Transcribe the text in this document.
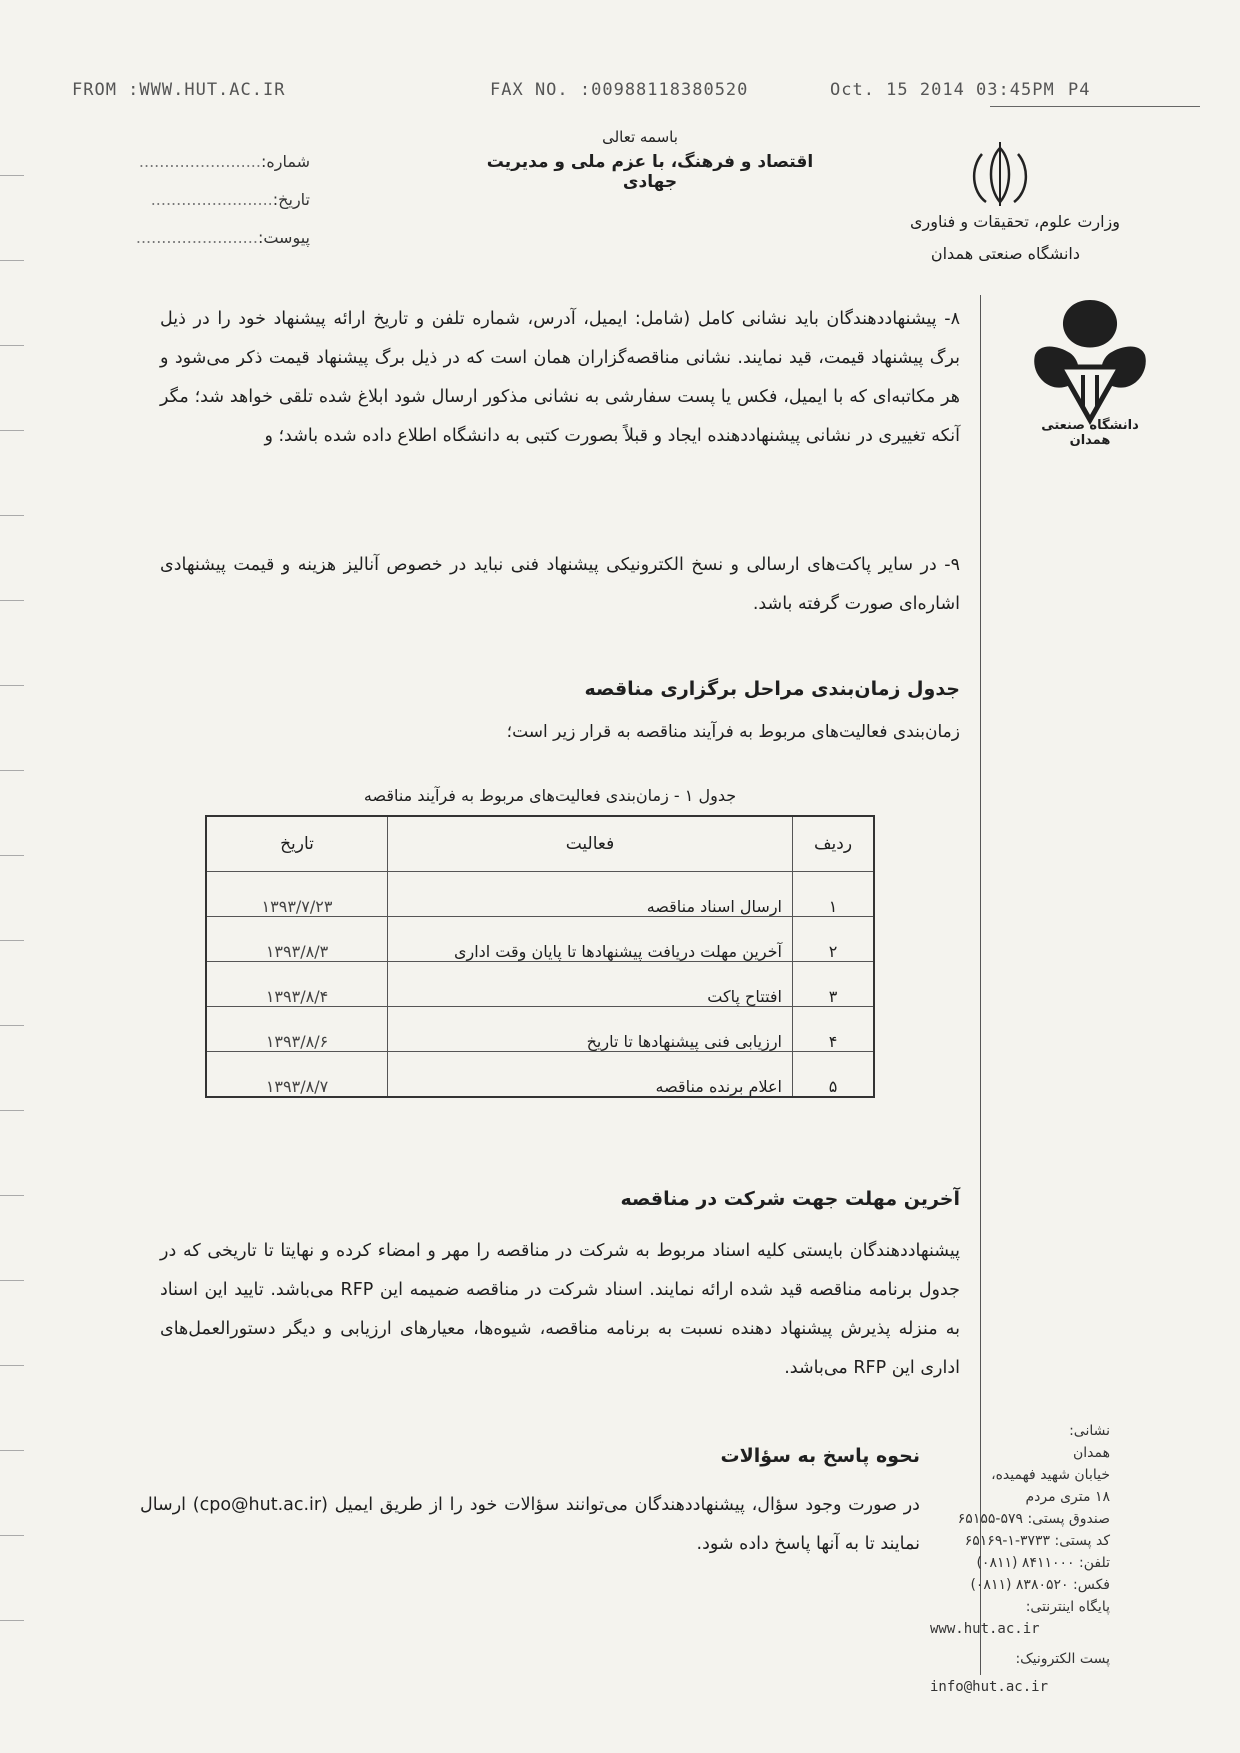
FROM :WWW.HUT.AC.IR	FAX NO. :00988118380520	Oct. 15 2014 03:45PM P4
باسمه تعالی
اقتصاد و فرهنگ، با عزم ملی و مدیریت جهادی
شماره:........................
تاریخ:........................
پیوست:........................
وزارت علوم، تحقیقات و فناوری
دانشگاه صنعتی همدان
دانشگاه صنعتی همدان
۸- پیشنهاددهندگان باید نشانی کامل (شامل: ایمیل، آدرس، شماره تلفن و تاریخ ارائه پیشنهاد خود را در ذیل برگ پیشنهاد قیمت، قید نمایند. نشانی مناقصه‌گزاران همان است که در ذیل برگ پیشنهاد قیمت ذکر می‌شود و هر مکاتبه‌ای که با ایمیل، فکس یا پست سفارشی به نشانی مذکور ارسال شود ابلاغ شده تلقی خواهد شد؛ مگر آنکه تغییری در نشانی پیشنهاددهنده ایجاد و قبلاً بصورت کتبی به دانشگاه اطلاع داده شده باشد؛ و
۹- در سایر پاکت‌های ارسالی و نسخ الکترونیکی پیشنهاد فنی نباید در خصوص آنالیز هزینه و قیمت پیشنهادی اشاره‌ای صورت گرفته باشد.
جدول زمان‌بندی مراحل برگزاری مناقصه
زمان‌بندی فعالیت‌های مربوط به فرآیند مناقصه به قرار زیر است؛
جدول ۱ - زمان‌بندی فعالیت‌های مربوط به فرآیند مناقصه
ردیف	فعالیت	تاریخ
۱	ارسال اسناد مناقصه	۱۳۹۳/۷/۲۳
۲	آخرین مهلت دریافت پیشنهادها تا پایان وقت اداری	۱۳۹۳/۸/۳
۳	افتتاح پاکت	۱۳۹۳/۸/۴
۴	ارزیابی فنی پیشنهادها تا تاریخ	۱۳۹۳/۸/۶
۵	اعلام برنده مناقصه	۱۳۹۳/۸/۷
آخرین مهلت جهت شرکت در مناقصه
پیشنهاددهندگان بایستی کلیه اسناد مربوط به شرکت در مناقصه را مهر و امضاء کرده و نهایتا تا تاریخی که در جدول برنامه مناقصه قید شده ارائه نمایند. اسناد شرکت در مناقصه ضمیمه این RFP می‌باشد. تایید این اسناد به منزله پذیرش پیشنهاد دهنده نسبت به برنامه مناقصه، شیوه‌ها، معیارهای ارزیابی و دیگر دستورالعمل‌های اداری این RFP می‌باشد.
نحوه پاسخ به سؤالات
در صورت وجود سؤال، پیشنهاددهندگان می‌توانند سؤالات خود را از طریق ایمیل (cpo@hut.ac.ir) ارسال نمایند تا به آنها پاسخ داده شود.
نشانی:
همدان
خیابان شهید فهمیده،
۱۸ متری مردم
صندوق پستی: ۵۷۹-۶۵۱۵۵
کد پستی: ۳۷۳۳-۱-۶۵۱۶۹
تلفن: ۸۴۱۱۰۰۰ (۰۸۱۱)
فکس: ۸۳۸۰۵۲۰ (۰۸۱۱)
پایگاه اینترنتی:
www.hut.ac.ir
پست الکترونیک:
info@hut.ac.ir
